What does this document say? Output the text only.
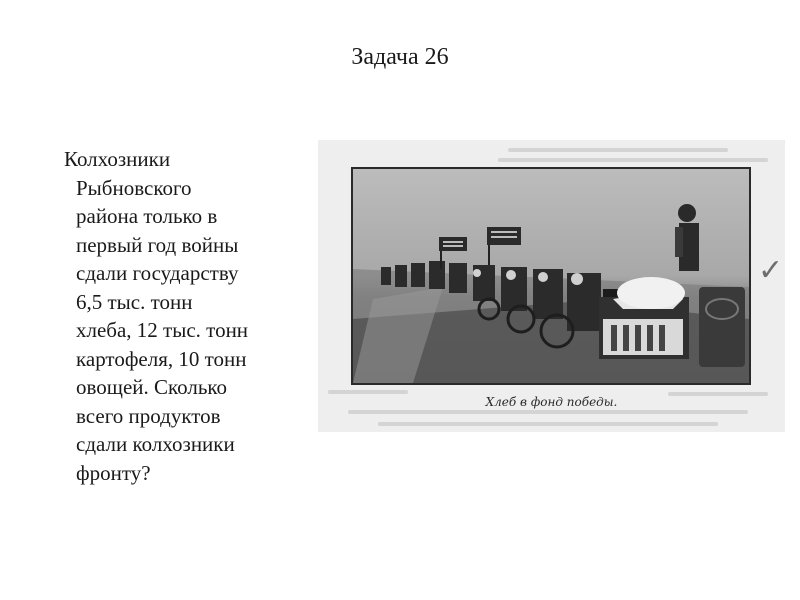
Задача 26
Колхозники
Рыбновского
района только в
первый год войны
сдали государству
6,5 тыс. тонн
хлеба, 12 тыс. тонн
картофеля, 10 тонн
овощей. Сколько
всего продуктов
сдали колхозники
фронту?
Хлеб в фонд победы.
✓
